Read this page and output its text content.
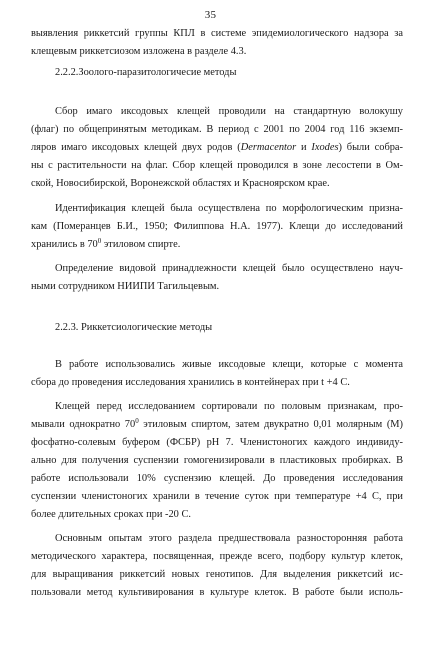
35
выявления риккетсий группы КПЛ в системе эпидемиологического надзора за
клещевым риккетсиозом изложена в разделе 4.3.
2.2.2.Зоолого-паразитологичесие методы
Сбор имаго иксодовых клещей проводили на стандартную волокушу
(флаг) по общепринятым методикам. В период с 2001 по 2004 год 116 экземп-
ляров имаго иксодовых клещей двух родов (Dermacentor и Ixodes) были собра-
ны с растительности на флаг. Сбор клещей проводился в зоне лесостепи в Ом-
ской, Новосибирской, Воронежской областях и Красноярском крае.
Идентификация клещей была осуществлена по морфологическим призна-
кам (Померанцев Б.И., 1950; Филиппова Н.А. 1977). Клещи до исследований
хранились в $70^0$ этиловом спирте.
Определение видовой принадлежности клещей было осуществлено науч-
ными сотрудником НИИПИ Тагильцевым.
2.2.3. Риккетсиологические методы
В работе использовались живые иксодовые клещи, которые с момента
сбора до проведения исследования хранились в контейнерах при t +4 С.
Клещей перед исследованием сортировали по половым признакам, про-
мывали однократно $70^0$ этиловым спиртом, затем двукратно 0,01 молярным (М)
фосфатно-солевым буфером (ФСБР) pH 7. Членистоногих каждого индивиду-
ально для получения суспензии гомогенизировали в пластиковых пробирках. В
работе использовали 10% суспензию клещей. До проведения исследования
суспензии членистоногих хранили в течение суток при температуре +4 С, при
более длительных сроках при -20 С.
Основным опытам этого раздела предшествовала разносторонняя работа
методического характера, посвященная, прежде всего, подбору культур клеток,
для выращивания риккетсий новых генотипов. Для выделения риккетсий ис-
пользовали метод культивирования в культуре клеток. В работе были исполь-
